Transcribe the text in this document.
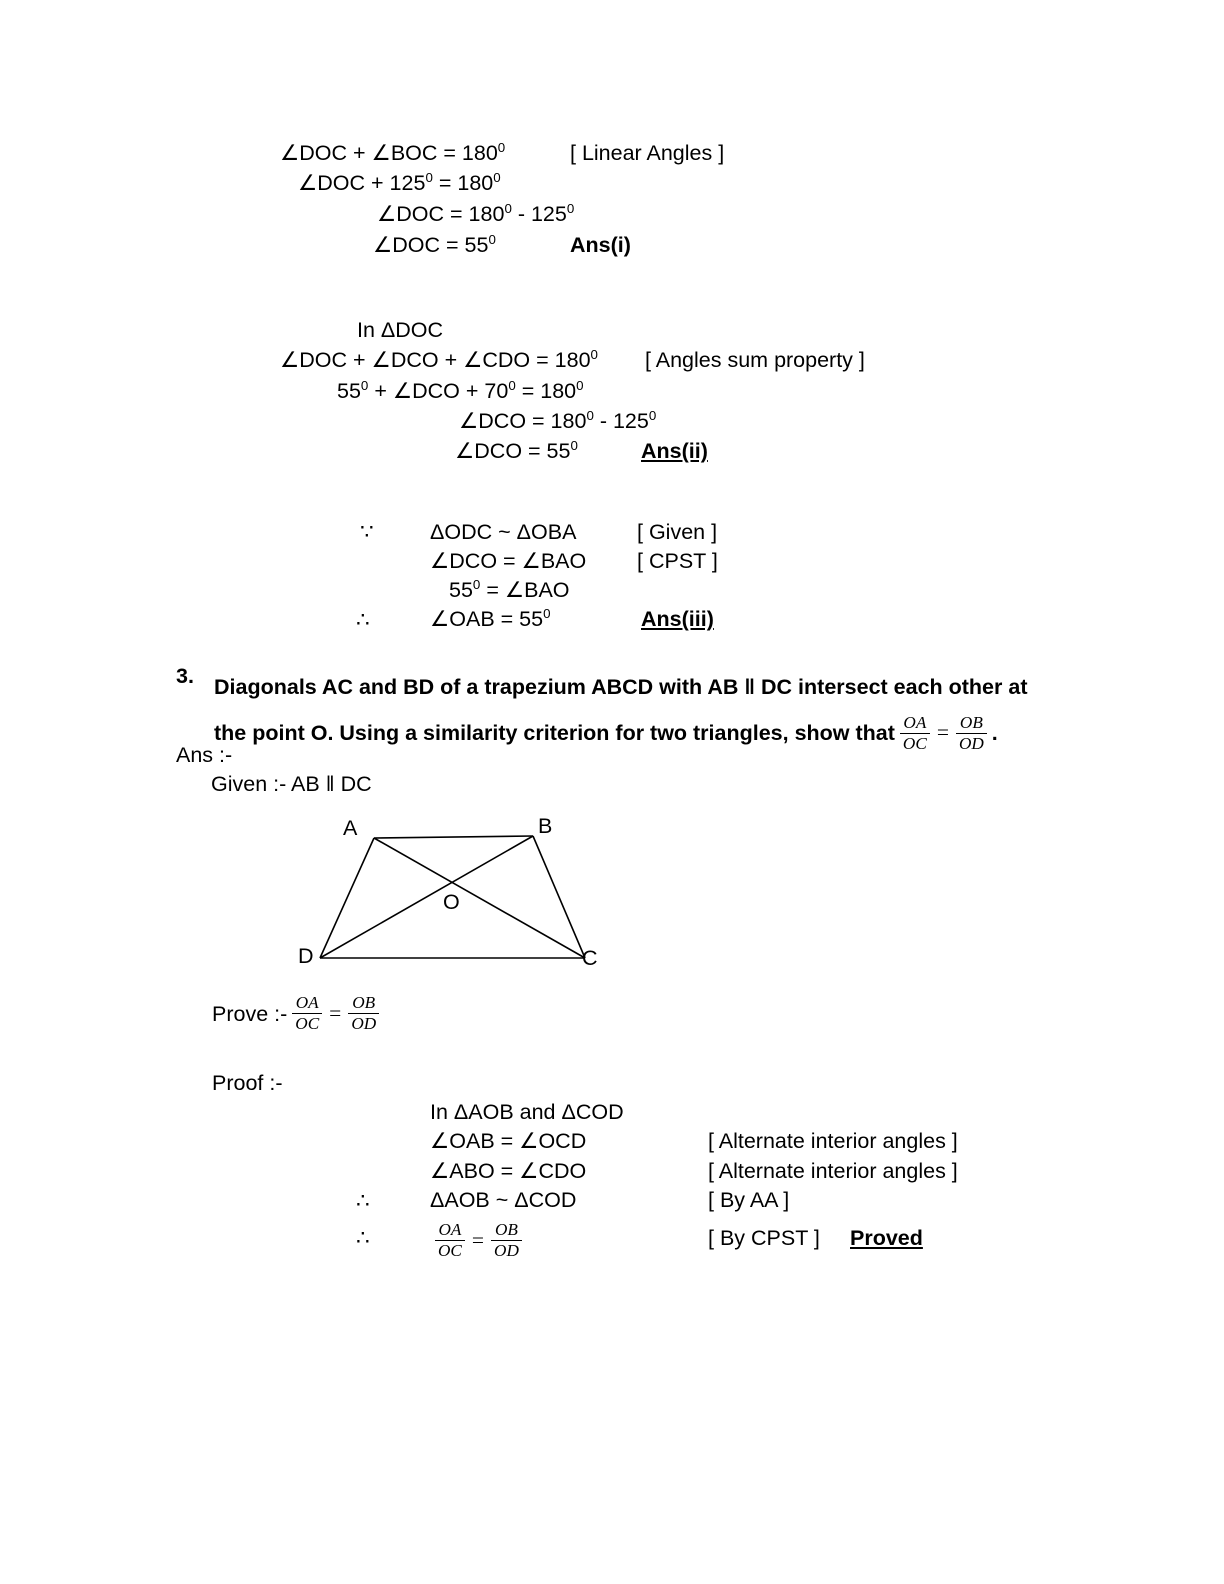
∠DOC + ∠BOC = $180^0$	[ Linear Angles ]
∠DOC + $125^0 = 180^0$
∠DOC = $180^0 - 125^0$
∠DOC = $55^0$	Ans(i)
In ΔDOC
∠DOC + ∠DCO + ∠CDO = $180^0$ [ Angles sum property ]
$55^0$ + ∠DCO + $70^0 = 180^0$
∠DCO = $180^0 - 125^0$
∠DCO = $55^0$	Ans(ii)
∵	ΔODC ~ ΔOBA	[ Given ]
∠DCO = ∠BAO [ CPST ]
$55^0$ = ∠BAO
∴	∠OAB = $55^0$	Ans(iii)
3. Diagonals AC and BD of a trapezium ABCD with AB ‖ DC intersect each other at the point O. Using a similarity criterion for two triangles, show that $\frac{OA}{OC} = \frac{OB}{OD}$ .
Ans :-
Given :- AB ‖ DC
A	B
C
D
O
Prove :- $\frac{OA}{OC} = \frac{OB}{OD}$
Proof :-
In ΔAOB and ΔCOD
∠OAB = ∠OCD	[ Alternate interior angles ]
∠ABO = ∠CDO	[ Alternate interior angles ]
∴	ΔAOB ~ ΔCOD	[ By AA ]
∴	$\frac{OA}{OC} = \frac{OB}{OD}$	[ By CPST ] Proved
